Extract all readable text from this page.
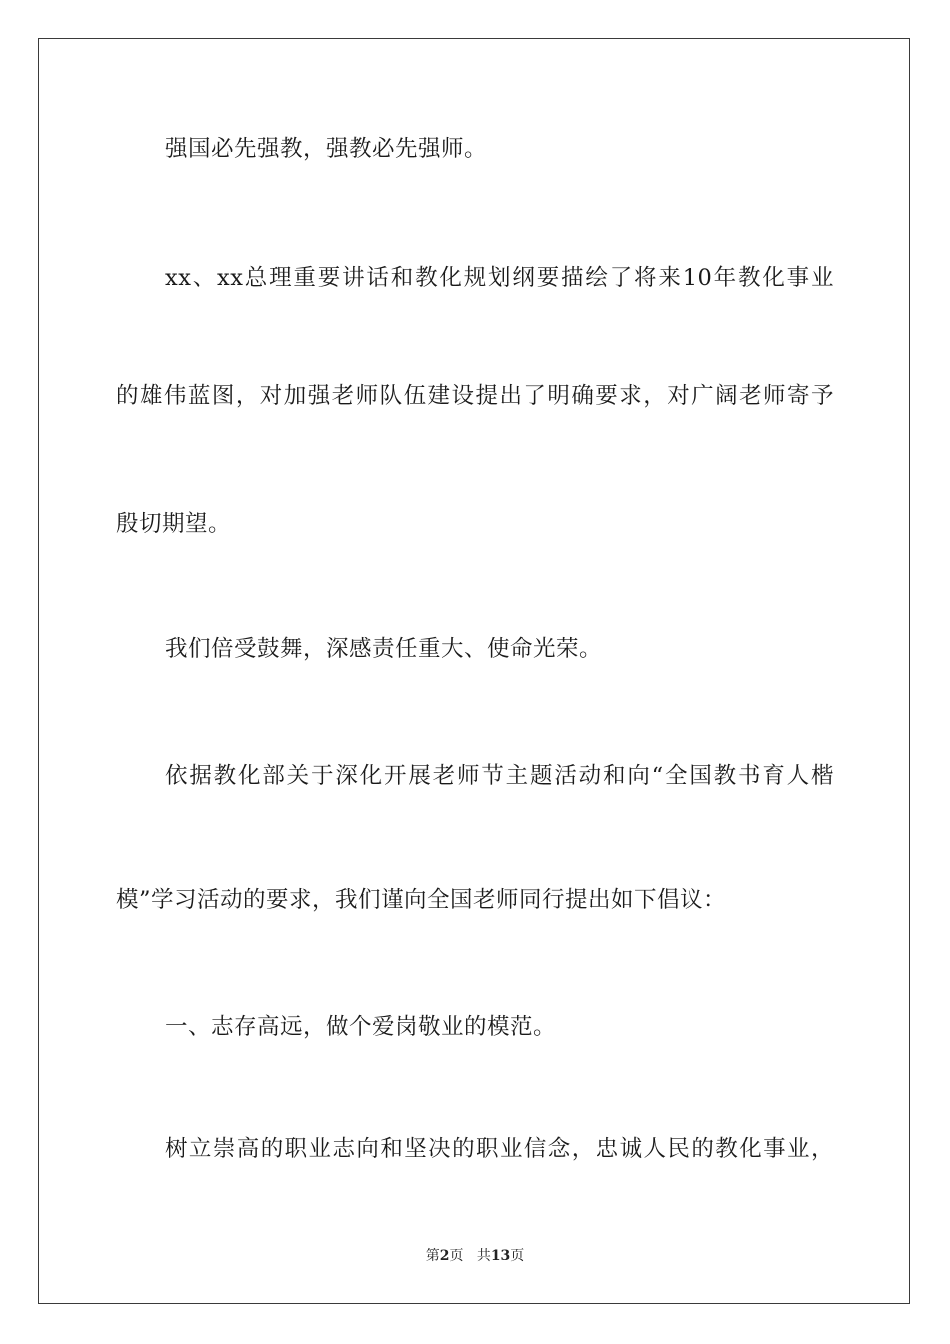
强国必先强教，强教必先强师。
xx、xx总理重要讲话和教化规划纲要描绘了将来10年教化事业
的雄伟蓝图，对加强老师队伍建设提出了明确要求，对广阔老师寄予
殷切期望。
我们倍受鼓舞，深感责任重大、使命光荣。
依据教化部关于深化开展老师节主题活动和向“全国教书育人楷
模”学习活动的要求，我们谨向全国老师同行提出如下倡议：
一、志存高远，做个爱岗敬业的模范。
树立崇高的职业志向和坚决的职业信念，忠诚人民的教化事业，
第2页 共13页
